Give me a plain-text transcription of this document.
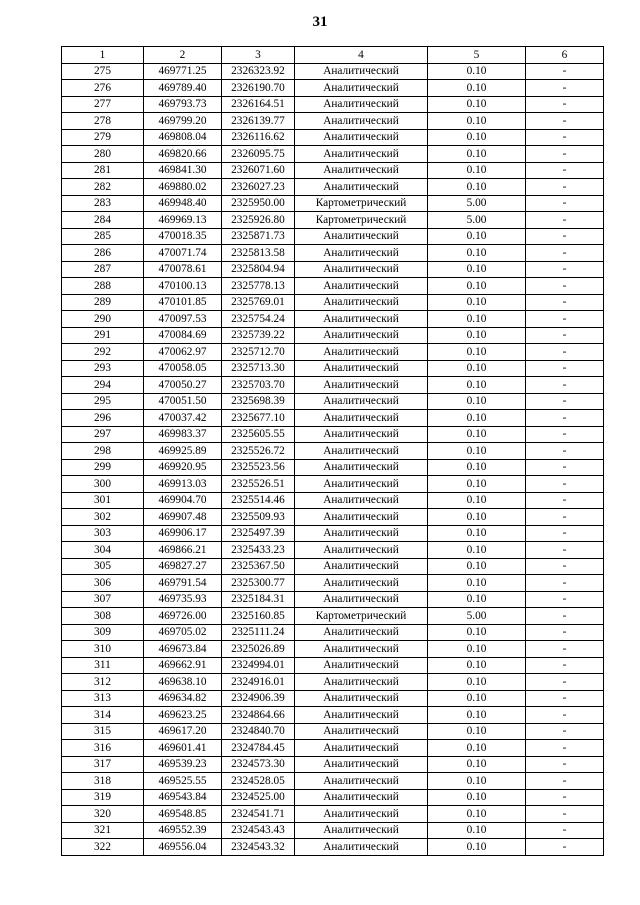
31
1	2	3	4	5	6
275	469771.25	2326323.92	Аналитический	0.10	-
276	469789.40	2326190.70	Аналитический	0.10	-
277	469793.73	2326164.51	Аналитический	0.10	-
278	469799.20	2326139.77	Аналитический	0.10	-
279	469808.04	2326116.62	Аналитический	0.10	-
280	469820.66	2326095.75	Аналитический	0.10	-
281	469841.30	2326071.60	Аналитический	0.10	-
282	469880.02	2326027.23	Аналитический	0.10	-
283	469948.40	2325950.00	Картометрический	5.00	-
284	469969.13	2325926.80	Картометрический	5.00	-
285	470018.35	2325871.73	Аналитический	0.10	-
286	470071.74	2325813.58	Аналитический	0.10	-
287	470078.61	2325804.94	Аналитический	0.10	-
288	470100.13	2325778.13	Аналитический	0.10	-
289	470101.85	2325769.01	Аналитический	0.10	-
290	470097.53	2325754.24	Аналитический	0.10	-
291	470084.69	2325739.22	Аналитический	0.10	-
292	470062.97	2325712.70	Аналитический	0.10	-
293	470058.05	2325713.30	Аналитический	0.10	-
294	470050.27	2325703.70	Аналитический	0.10	-
295	470051.50	2325698.39	Аналитический	0.10	-
296	470037.42	2325677.10	Аналитический	0.10	-
297	469983.37	2325605.55	Аналитический	0.10	-
298	469925.89	2325526.72	Аналитический	0.10	-
299	469920.95	2325523.56	Аналитический	0.10	-
300	469913.03	2325526.51	Аналитический	0.10	-
301	469904.70	2325514.46	Аналитический	0.10	-
302	469907.48	2325509.93	Аналитический	0.10	-
303	469906.17	2325497.39	Аналитический	0.10	-
304	469866.21	2325433.23	Аналитический	0.10	-
305	469827.27	2325367.50	Аналитический	0.10	-
306	469791.54	2325300.77	Аналитический	0.10	-
307	469735.93	2325184.31	Аналитический	0.10	-
308	469726.00	2325160.85	Картометрический	5.00	-
309	469705.02	2325111.24	Аналитический	0.10	-
310	469673.84	2325026.89	Аналитический	0.10	-
311	469662.91	2324994.01	Аналитический	0.10	-
312	469638.10	2324916.01	Аналитический	0.10	-
313	469634.82	2324906.39	Аналитический	0.10	-
314	469623.25	2324864.66	Аналитический	0.10	-
315	469617.20	2324840.70	Аналитический	0.10	-
316	469601.41	2324784.45	Аналитический	0.10	-
317	469539.23	2324573.30	Аналитический	0.10	-
318	469525.55	2324528.05	Аналитический	0.10	-
319	469543.84	2324525.00	Аналитический	0.10	-
320	469548.85	2324541.71	Аналитический	0.10	-
321	469552.39	2324543.43	Аналитический	0.10	-
322	469556.04	2324543.32	Аналитический	0.10	-
